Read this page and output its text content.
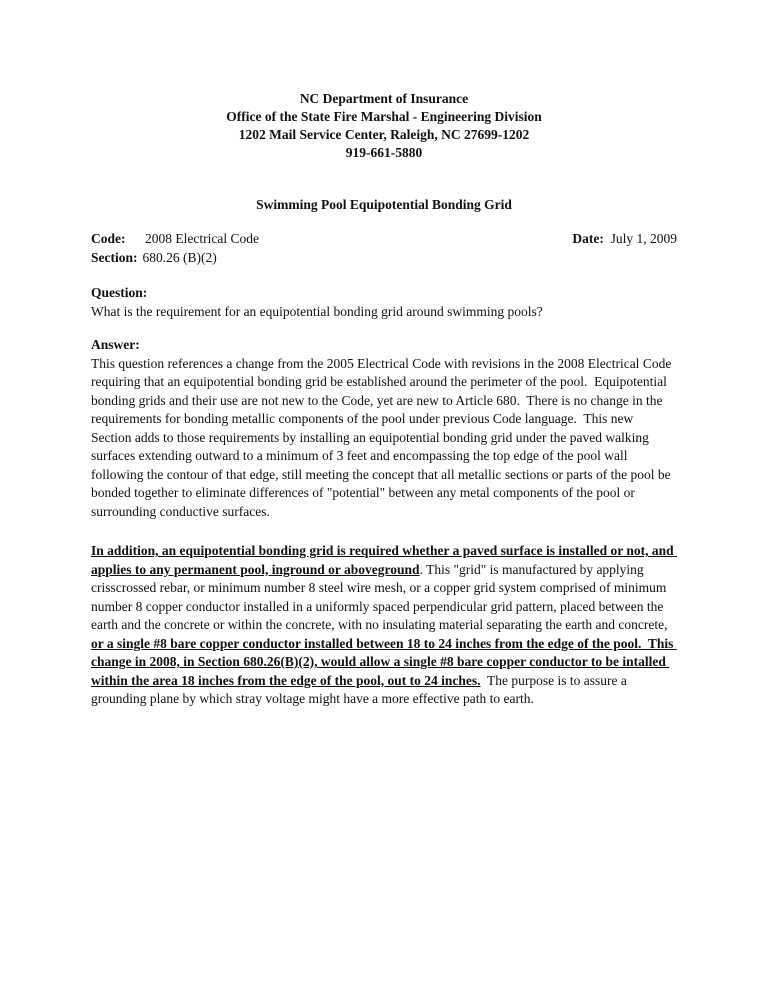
NC Department of Insurance
Office of the State Fire Marshal - Engineering Division
1202 Mail Service Center, Raleigh, NC 27699-1202
919-661-5880
Swimming Pool Equipotential Bonding Grid
Code: 2008 Electrical Code	Date: July 1, 2009
Section: 680.26 (B)(2)
Question:
What is the requirement for an equipotential bonding grid around swimming pools?
Answer:
This question references a change from the 2005 Electrical Code with revisions in the 2008 Electrical Code requiring that an equipotential bonding grid be established around the perimeter of the pool.  Equipotential bonding grids and their use are not new to the Code, yet are new to Article 680.  There is no change in the requirements for bonding metallic components of the pool under previous Code language.  This new Section adds to those requirements by installing an equipotential bonding grid under the paved walking surfaces extending outward to a minimum of 3 feet and encompassing the top edge of the pool wall following the contour of that edge, still meeting the concept that all metallic sections or parts of the pool be bonded together to eliminate differences of "potential" between any metal components of the pool or surrounding conductive surfaces.
In addition, an equipotential bonding grid is required whether a paved surface is installed or not, and applies to any permanent pool, inground or aboveground. This "grid" is manufactured by applying crisscrossed rebar, or minimum number 8 steel wire mesh, or a copper grid system comprised of minimum number 8 copper conductor installed in a uniformly spaced perpendicular grid pattern, placed between the earth and the concrete or within the concrete, with no insulating material separating the earth and concrete, or a single #8 bare copper conductor installed between 18 to 24 inches from the edge of the pool.  This change in 2008, in Section 680.26(B)(2), would allow a single #8 bare copper conductor to be intalled within the area 18 inches from the edge of the pool, out to 24 inches.  The purpose is to assure a grounding plane by which stray voltage might have a more effective path to earth.
